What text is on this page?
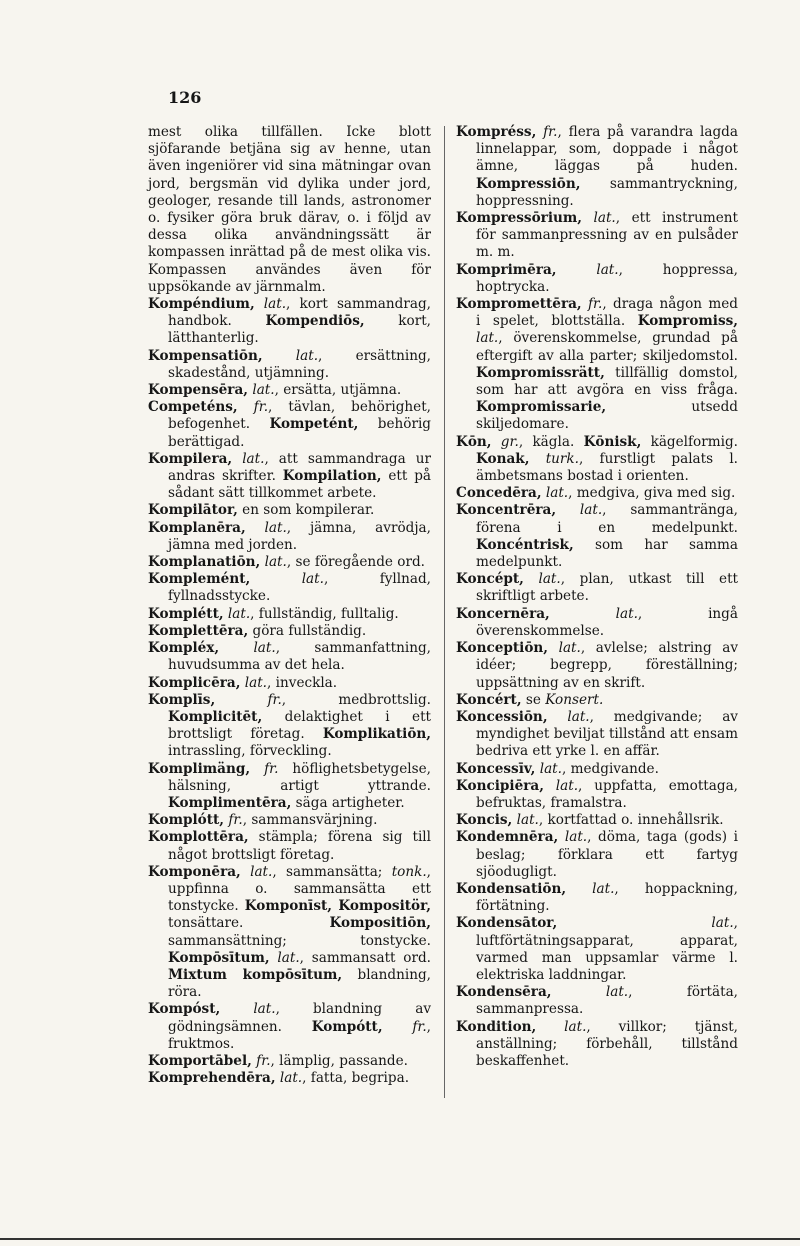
126

mest olika tillfällen. Icke blott sjöfarande betjäna sig av henne, utan även ingeniörer vid sina mätningar ovan jord, bergsmän vid dylika under jord, geologer, resande till lands, astronomer o. fysiker göra bruk därav, o. i följd av dessa olika användningssätt är kompassen inrättad på de mest olika vis. Kompassen användes även för uppsökande av järnmalm.

Kompéndium, lat., kort sammandrag, handbok. Kompendiōs, kort, lätthanterlig.

Kompensatiōn, lat., ersättning, skadestånd, utjämning.

Kompensēra, lat., ersätta, utjämna.

Competéns, fr., tävlan, behörighet, befogenhet. Kompetént, behörig berättigad.

Kompilera, lat., att sammandraga ur andras skrifter. Kompilation, ett på sådant sätt tillkommet arbete.

Kompilātor, en som kompilerar.

Komplanēra, lat., jämna, avrödja, jämna med jorden.

Komplanatiōn, lat., se föregående ord.

Komplemént,	lat., fyllnad, fyllnadsstycke.

Komplétt, lat., fullständig, fulltalig.

Komplettēra, göra fullständig.

Kompléx,	lat., sammanfattning, huvudsumma av det hela.

Komplicēra, lat., inveckla.

Komplīs,	fr., medbrottslig. Komplicitēt, delaktighet i ett brottsligt företag. Komplikatiōn, intrassling, förveckling.

Komplimäng, fr. höflighetsbetygelse, hälsning, artigt yttrande. Komplimentēra, säga artigheter.

Komplótt, fr., sammansvärjning.

Komplottēra, stämpla; förena sig till något brottsligt företag.

Komponēra, lat., sammansätta; tonk., uppfinna o. sammansätta ett tonstycke. Komponīst, Kompositör, tonsättare. Kompositiōn, sammansättning; tonstycke. Kompōsītum, lat., sammansatt ord. Mixtum kompōsītum, blandning, röra.

Kompóst, lat., blandning av gödningsämnen. Kompótt, fr., fruktmos.

Komportābel, fr., lämplig, passande.

Komprehendēra, lat., fatta, begripa.

Kompréss, fr., flera på varandra lagda linnelappar, som, doppade i något ämne, läggas på huden. Kompressiōn, sammantryckning, hoppressning.

Kompressōrium, lat., ett instrument för sammanpressning av en pulsåder m. m.

Komprimēra,	lat., hoppressa, hoptrycka.

Kompromettēra, fr., draga någon med i spelet, blottställa. Kompromiss, lat., överenskommelse, grundad på eftergift av alla parter; skiljedomstol. Kompromissrätt, tillfällig domstol, som har att avgöra en viss fråga. Kompromissarie, utsedd skiljedomare.

Kōn, gr., kägla. Kōnisk, kägelformig. Konak, turk., furstligt palats l. ämbetsmans bostad i orienten.

Concedēra, lat., medgiva, giva med sig.

Koncentrēra, lat., sammantränga, förena i en medelpunkt. Koncéntrisk, som har samma medelpunkt.

Koncépt, lat., plan, utkast till ett skriftligt arbete.

Koncernēra,	lat., ingå överenskommelse.

Konceptiōn, lat., avlelse; alstring av idéer; begrepp, föreställning; uppsättning av en skrift.

Koncért, se Konsert.

Koncessiōn, lat., medgivande; av myndighet beviljat tillstånd att ensam bedriva ett yrke l. en affär.

Koncessīv, lat., medgivande.

Koncipiēra, lat., uppfatta, emottaga, befruktas, framalstra.

Koncis, lat., kortfattad o. innehållsrik.

Kondemnēra, lat., döma, taga (gods) i beslag; förklara ett fartyg sjöodugligt.

Kondensatiōn, lat., hoppackning, förtätning.

Kondensātor,	lat., luftförtätningsapparat, apparat, varmed man uppsamlar värme l. elektriska laddningar.

Kondensēra,	lat., förtäta, sammanpressa.

Kondition, lat., villkor; tjänst, anställning; förbehåll, tillstånd beskaffenhet.
